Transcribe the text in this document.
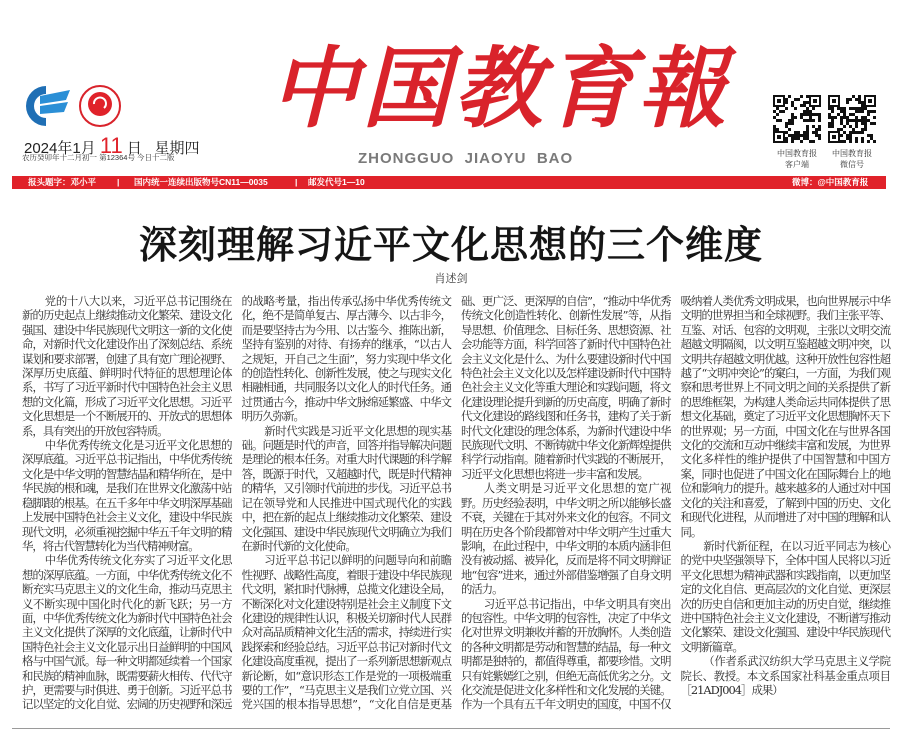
2024年1月 11 日 星期四
农历癸卯年十二月初一 第12364号 今日十二版
中国教育報
ZHONGGUO  JIAOYU  BAO	中国教育报
客户端
中国教育报
微信号
报头题字：邓小平 | 国内统一连续出版物号CN11—0035	| 邮发代号1—10	微博：@中国教育报
深刻理解习近平文化思想的三个维度
肖述剑

党的十八大以来，习近平总书记围绕在新的历史起点上继续推动文化繁荣、建设文化强国、建设中华民族现代文明这一新的文化使命，对新时代文化建设作出了深刻总结、系统谋划和要求部署，创建了具有宽广理论视野、深厚历史底蕴、鲜明时代特征的思想理论体系，书写了习近平新时代中国特色社会主义思想的文化篇，形成了习近平文化思想。习近平文化思想是一个不断展开的、开放式的思想体系，具有突出的开放包容特质。

中华优秀传统文化是习近平文化思想的深厚底蕴。习近平总书记指出，中华优秀传统文化是中华文明的智慧结晶和精华所在，是中华民族的根和魂，是我们在世界文化激荡中站稳脚跟的根基。在五千多年中华文明深厚基础上发展中国特色社会主义文化，建设中华民族现代文明，必须重视挖掘中华五千年文明的精华，将古代智慧转化为当代精神财富。

中华优秀传统文化夯实了习近平文化思想的深厚底蕴。一方面，中华优秀传统文化不断充实马克思主义的文化生命，推动马克思主义不断实现中国化时代化的新飞跃；另一方面，中华优秀传统文化为新时代中国特色社会主义文化提供了深厚的文化底蕴，让新时代中国特色社会主义文化显示出日益鲜明的中国风格与中国气派。每一种文明都延续着一个国家和民族的精神血脉，既需要薪火相传、代代守护，更需要与时俱进、勇于创新。习近平总书记以坚定的文化自觉、宏阔的历史视野和深远的战略考量，指出传承弘扬中华优秀传统文化，绝不是简单复古、厚古薄今、以古非今，而是要坚持古为今用、以古鉴今、推陈出新，坚持有鉴别的对待、有扬弃的继承，“以古人之规矩，开自己之生面”，努力实现中华文化的创造性转化、创新性发展，使之与现实文化相融相通，共同服务以文化人的时代任务。通过贯通古今，推动中华文脉绵延繁盛、中华文明历久弥新。

新时代实践是习近平文化思想的现实基础。问题是时代的声音，回答并指导解决问题是理论的根本任务。对重大时代课题的科学解答，既源于时代，又超越时代，既是时代精神的精华，又引领时代前进的步伐。习近平总书记在领导党和人民推进中国式现代化的实践中，把在新的起点上继续推动文化繁荣、建设文化强国、建设中华民族现代文明确立为我们在新时代新的文化使命。

习近平总书记以鲜明的问题导向和前瞻性视野、战略性高度，着眼于建设中华民族现代文明，紧扣时代脉搏，总揽文化建设全局，不断深化对文化建设特别是社会主义制度下文化建设的规律性认识，积极关切新时代人民群众对高品质精神文化生活的需求，持续进行实践探索和经验总结。习近平总书记对新时代文化建设高度重视，提出了一系列新思想新观点新论断，如“意识形态工作是党的一项极端重要的工作”，“马克思主义是我们立党立国、兴党兴国的根本指导思想”，“文化自信是更基础、更广泛、更深厚的自信”，“推动中华优秀传统文化创造性转化、创新性发展”等，从指导思想、价值理念、目标任务、思想资源、社会功能等方面，科学回答了新时代中国特色社会主义文化是什么、为什么要建设新时代中国特色社会主义文化以及怎样建设新时代中国特色社会主义文化等重大理论和实践问题，将文化建设理论提升到新的历史高度，明确了新时代文化建设的路线图和任务书，建构了关于新时代文化建设的理念体系，为新时代建设中华民族现代文明、不断铸就中华文化新辉煌提供科学行动指南。随着新时代实践的不断展开，习近平文化思想也将进一步丰富和发展。

人类文明是习近平文化思想的宽广视野。历史经验表明，中华文明之所以能够长盛不衰，关键在于其对外来文化的包容。不同文明在历史各个阶段都曾对中华文明产生过重大影响，在此过程中，中华文明的本质内涵非但没有被动摇、被异化，反而是将不同文明辩证地“包容”进来，通过外部借鉴增强了自身文明的活力。

习近平总书记指出，中华文明具有突出的包容性。中华文明的包容性，决定了中华文化对世界文明兼收并蓄的开放胸怀。人类创造的各种文明都是劳动和智慧的结晶，每一种文明都是独特的，都值得尊重，都要珍惜。文明只有姹紫嫣红之别，但绝无高低优劣之分。文化交流是促进文化多样性和文化发展的关键。作为一个具有五千年文明史的国度，中国不仅吸纳着人类优秀文明成果，也向世界展示中华文明的世界担当和全球视野。我们主张平等、互鉴、对话、包容的文明观，主张以文明交流超越文明隔阂，以文明互鉴超越文明冲突，以文明共存超越文明优越。这种开放性包容性超越了“文明冲突论”的窠臼，一方面，为我们观察和思考世界上不同文明之间的关系提供了新的思维框架，为构建人类命运共同体提供了思想文化基础，奠定了习近平文化思想胸怀天下的世界观；另一方面，中国文化在与世界各国文化的交流和互动中继续丰富和发展，为世界文化多样性的维护提供了中国智慧和中国方案，同时也促进了中国文化在国际舞台上的地位和影响力的提升。越来越多的人通过对中国文化的关注和喜爱，了解到中国的历史、文化和现代化进程，从而增进了对中国的理解和认同。

新时代新征程，在以习近平同志为核心的党中央坚强领导下，全体中国人民将以习近平文化思想为精神武器和实践指南，以更加坚定的文化自信、更高层次的文化自觉、更深层次的历史自信和更加主动的历史自觉，继续推进中国特色社会主义文化建设，不断谱写推动文化繁荣、建设文化强国、建设中华民族现代文明新篇章。

（作者系武汉纺织大学马克思主义学院院长、教授。本文系国家社科基金重点项目［21ADJ004］成果）
